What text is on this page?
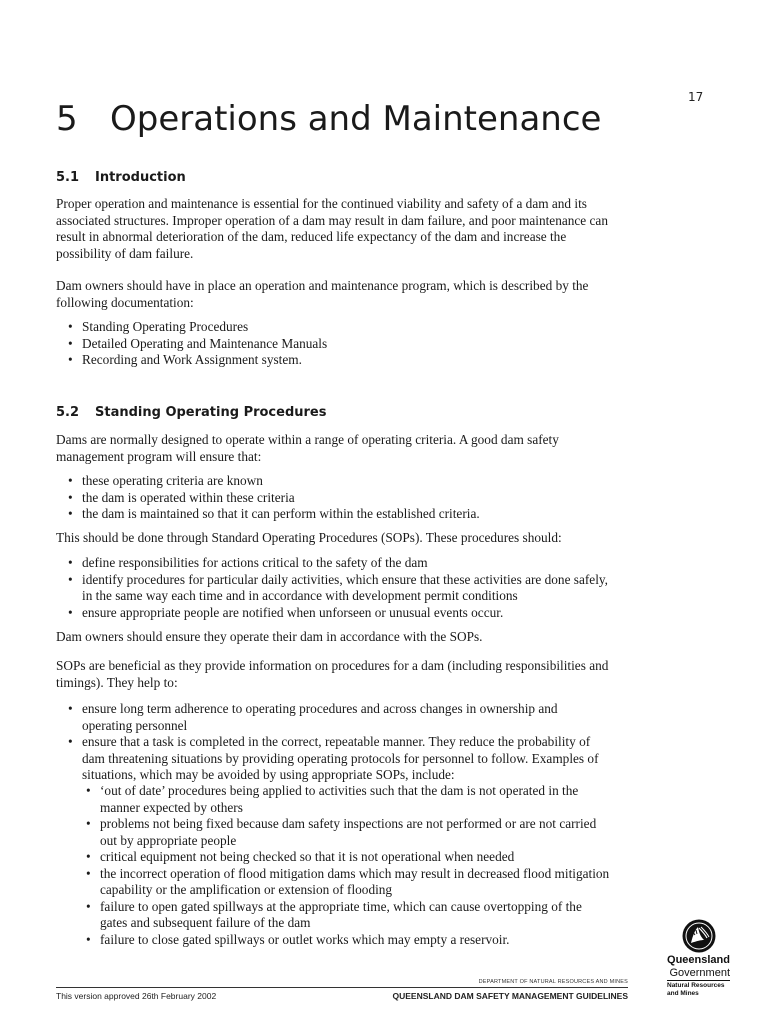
17
5 Operations and Maintenance
5.1 Introduction
Proper operation and maintenance is essential for the continued viability and safety of a dam and its
associated structures. Improper operation of a dam may result in dam failure, and poor maintenance can
result in abnormal deterioration of the dam, reduced life expectancy of the dam and increase the
possibility of dam failure.
Dam owners should have in place an operation and maintenance program, which is described by the
following documentation:
• Standing Operating Procedures
• Detailed Operating and Maintenance Manuals
• Recording and Work Assignment system.
5.2 Standing Operating Procedures
Dams are normally designed to operate within a range of operating criteria. A good dam safety
management program will ensure that:
• these operating criteria are known
• the dam is operated within these criteria
• the dam is maintained so that it can perform within the established criteria.
This should be done through Standard Operating Procedures (SOPs). These procedures should:
• define responsibilities for actions critical to the safety of the dam
• identify procedures for particular daily activities, which ensure that these activities are done safely,
in the same way each time and in accordance with development permit conditions
• ensure appropriate people are notified when unforseen or unusual events occur.
Dam owners should ensure they operate their dam in accordance with the SOPs.
SOPs are beneficial as they provide information on procedures for a dam (including responsibilities and
timings). They help to:
• ensure long term adherence to operating procedures and across changes in ownership and
operating personnel
• ensure that a task is completed in the correct, repeatable manner. They reduce the probability of
dam threatening situations by providing operating protocols for personnel to follow. Examples of
situations, which may be avoided by using appropriate SOPs, include:
• ‘out of date’ procedures being applied to activities such that the dam is not operated in the
manner expected by others
• problems not being fixed because dam safety inspections are not performed or are not carried
out by appropriate people
• critical equipment not being checked so that it is not operational when needed
• the incorrect operation of flood mitigation dams which may result in decreased flood mitigation
capability or the amplification or extension of flooding
• failure to open gated spillways at the appropriate time, which can cause overtopping of the
gates and subsequent failure of the dam
• failure to close gated spillways or outlet works which may empty a reservoir.
DEPARTMENT OF NATURAL RESOURCES AND MINES
This version approved 26th February 2002	QUEENSLAND DAM SAFETY MANAGEMENT GUIDELINES
Queensland
Government
Natural Resources
and Mines
